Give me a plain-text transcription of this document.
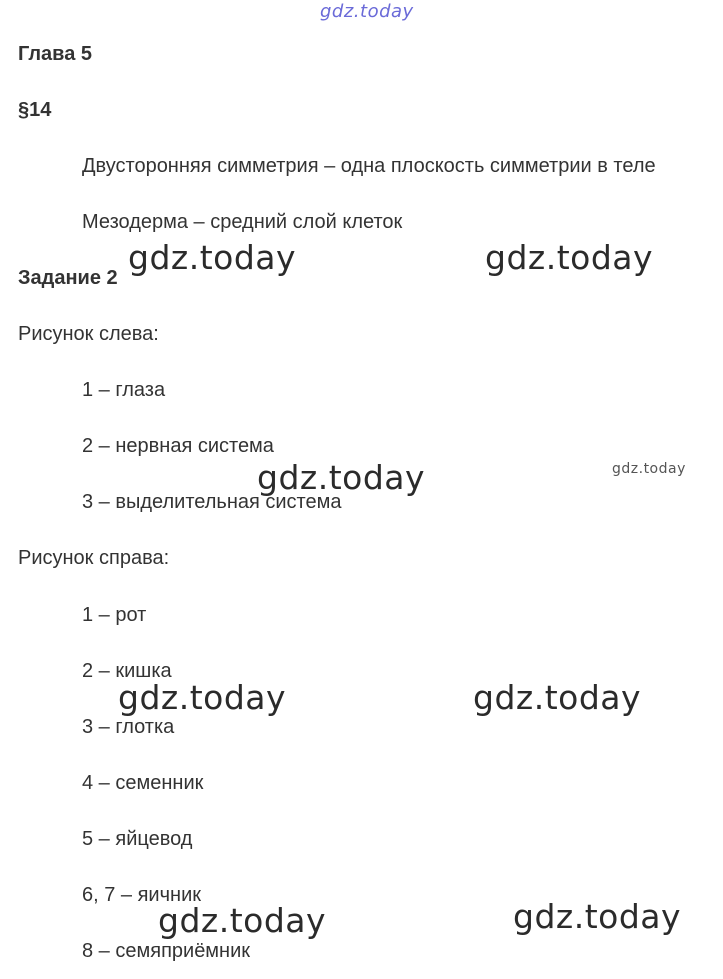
gdz.today
Глава 5
§14
Двусторонняя симметрия – одна плоскость симметрии в теле
Мезодерма – средний слой клеток
Задание 2
Рисунок слева:
1 – глаза
2 – нервная система
3 – выделительная система
Рисунок справа:
1 – рот
2 – кишка
3 – глотка
4 – семенник
5 – яйцевод
6, 7 – яичник
8 – семяприёмник
gdz.today	gdz.today
gdz.today
gdz.today	gdz.today
gdz.today	gdz.today
gdz.today
